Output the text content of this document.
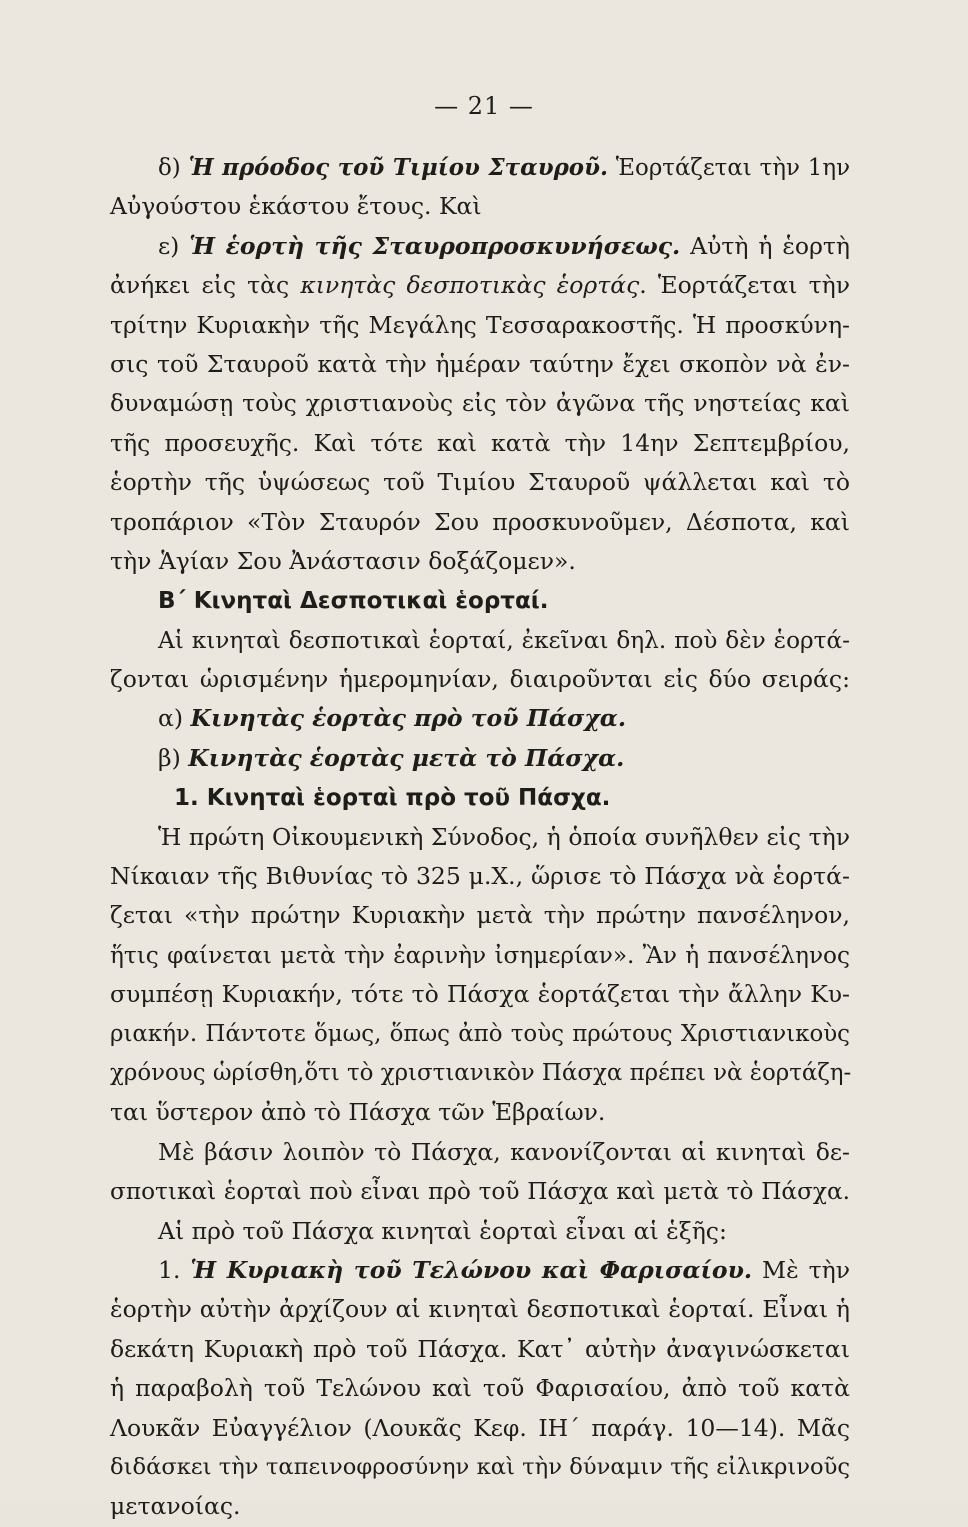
— 21 —
δ) Ἡ πρόοδος τοῦ Τιμίου Σταυροῦ. Ἑορτάζεται τὴν 1ην
Αὐγούστου ἑκάστου ἔτους. Καὶ
ε) Ἡ ἑορτὴ τῆς Σταυροπροσκυνήσεως. Αὐτὴ ἡ ἑορτὴ
ἀνήκει εἰς τὰς κινητὰς δεσποτικὰς ἑορτάς. Ἑορτάζεται τὴν
τρίτην Κυριακὴν τῆς Μεγάλης Τεσσαρακοστῆς. Ἡ προσκύνη-
σις τοῦ Σταυροῦ κατὰ τὴν ἡμέραν ταύτην ἔχει σκοπὸν νὰ ἐν-
δυναμώσῃ τοὺς χριστιανοὺς εἰς τὸν ἀγῶνα τῆς νηστείας καὶ
τῆς προσευχῆς. Καὶ τότε καὶ κατὰ τὴν 14ην Σεπτεμβρίου,
ἑορτὴν τῆς ὑψώσεως τοῦ Τιμίου Σταυροῦ ψάλλεται καὶ τὸ
τροπάριον «Τὸν Σταυρόν Σου προσκυνοῦμεν, Δέσποτα, καὶ
τὴν Ἁγίαν Σου Ἀνάστασιν δοξάζομεν».
Β΄ Κινηταὶ Δεσποτικαὶ ἑορταί.
Αἱ κινηταὶ δεσποτικαὶ ἑορταί, ἐκεῖναι δηλ. ποὺ δὲν ἑορτά-
ζονται ὡρισμένην ἡμερομηνίαν, διαιροῦνται εἰς δύο σειράς:
α) Κινητὰς ἑορτὰς πρὸ τοῦ Πάσχα.
β) Κινητὰς ἑορτὰς μετὰ τὸ Πάσχα.
1. Κινηταὶ ἑορταὶ πρὸ τοῦ Πάσχα.
Ἡ πρώτη Οἰκουμενικὴ Σύνοδος, ἡ ὁποία συνῆλθεν εἰς τὴν
Νίκαιαν τῆς Βιθυνίας τὸ 325 μ.Χ., ὥρισε τὸ Πάσχα νὰ ἑορτά-
ζεται «τὴν πρώτην Κυριακὴν μετὰ τὴν πρώτην πανσέληνον,
ἥτις φαίνεται μετὰ τὴν ἐαρινὴν ἰσημερίαν». Ἂν ἡ πανσέληνος
συμπέσῃ Κυριακήν, τότε τὸ Πάσχα ἑορτάζεται τὴν ἄλλην Κυ-
ριακήν. Πάντοτε ὅμως, ὅπως ἀπὸ τοὺς πρώτους Χριστιανικοὺς
χρόνους ὡρίσθη,ὅτι τὸ χριστιανικὸν Πάσχα πρέπει νὰ ἑορτάζη-
ται ὕστερον ἀπὸ τὸ Πάσχα τῶν Ἑβραίων.
Μὲ βάσιν λοιπὸν τὸ Πάσχα, κανονίζονται αἱ κινηταὶ δε-
σποτικαὶ ἑορταὶ ποὺ εἶναι πρὸ τοῦ Πάσχα καὶ μετὰ τὸ Πάσχα.
Αἱ πρὸ τοῦ Πάσχα κινηταὶ ἑορταὶ εἶναι αἱ ἑξῆς:
1. Ἡ Κυριακὴ τοῦ Τελώνου καὶ Φαρισαίου. Μὲ τὴν
ἑορτὴν αὐτὴν ἀρχίζουν αἱ κινηταὶ δεσποτικαὶ ἑορταί. Εἶναι ἡ
δεκάτη Κυριακὴ πρὸ τοῦ Πάσχα. Κατ᾽ αὐτὴν ἀναγινώσκεται
ἡ παραβολὴ τοῦ Τελώνου καὶ τοῦ Φαρισαίου, ἀπὸ τοῦ κατὰ
Λουκᾶν Εὐαγγέλιον (Λουκᾶς Κεφ. ΙΗ΄ παράγ. 10—14). Μᾶς
διδάσκει τὴν ταπεινοφροσύνην καὶ τὴν δύναμιν τῆς εἰλικρινοῦς
μετανοίας.
